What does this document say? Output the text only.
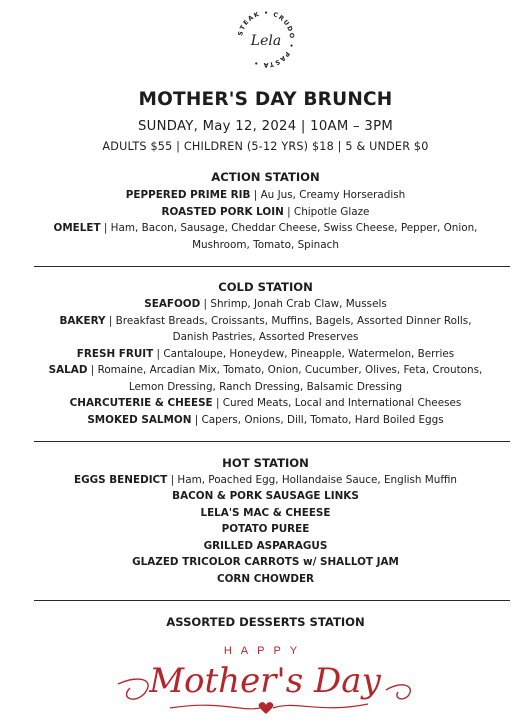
STEAK • CRUDO • PASTA •
Lela
MOTHER'S DAY BRUNCH
SUNDAY, May 12, 2024 | 10AM – 3PM
ADULTS $55 | CHILDREN (5-12 YRS) $18 | 5 & UNDER $0
ACTION STATION
PEPPERED PRIME RIB | Au Jus, Creamy Horseradish
ROASTED PORK LOIN | Chipotle Glaze
OMELET | Ham, Bacon, Sausage, Cheddar Cheese, Swiss Cheese, Pepper, Onion,
Mushroom, Tomato, Spinach
COLD STATION
SEAFOOD | Shrimp, Jonah Crab Claw, Mussels
BAKERY | Breakfast Breads, Croissants, Muffins, Bagels, Assorted Dinner Rolls,
Danish Pastries, Assorted Preserves
FRESH FRUIT | Cantaloupe, Honeydew, Pineapple, Watermelon, Berries
SALAD | Romaine, Arcadian Mix, Tomato, Onion, Cucumber, Olives, Feta, Croutons,
Lemon Dressing, Ranch Dressing, Balsamic Dressing
CHARCUTERIE & CHEESE | Cured Meats, Local and International Cheeses
SMOKED SALMON | Capers, Onions, Dill, Tomato, Hard Boiled Eggs
HOT STATION
EGGS BENEDICT | Ham, Poached Egg, Hollandaise Sauce, English Muffin
BACON & PORK SAUSAGE LINKS
LELA'S MAC & CHEESE
POTATO PUREE
GRILLED ASPARAGUS
GLAZED TRICOLOR CARROTS w/ SHALLOT JAM
CORN CHOWDER
ASSORTED DESSERTS STATION
HAPPY
Mother's Day
